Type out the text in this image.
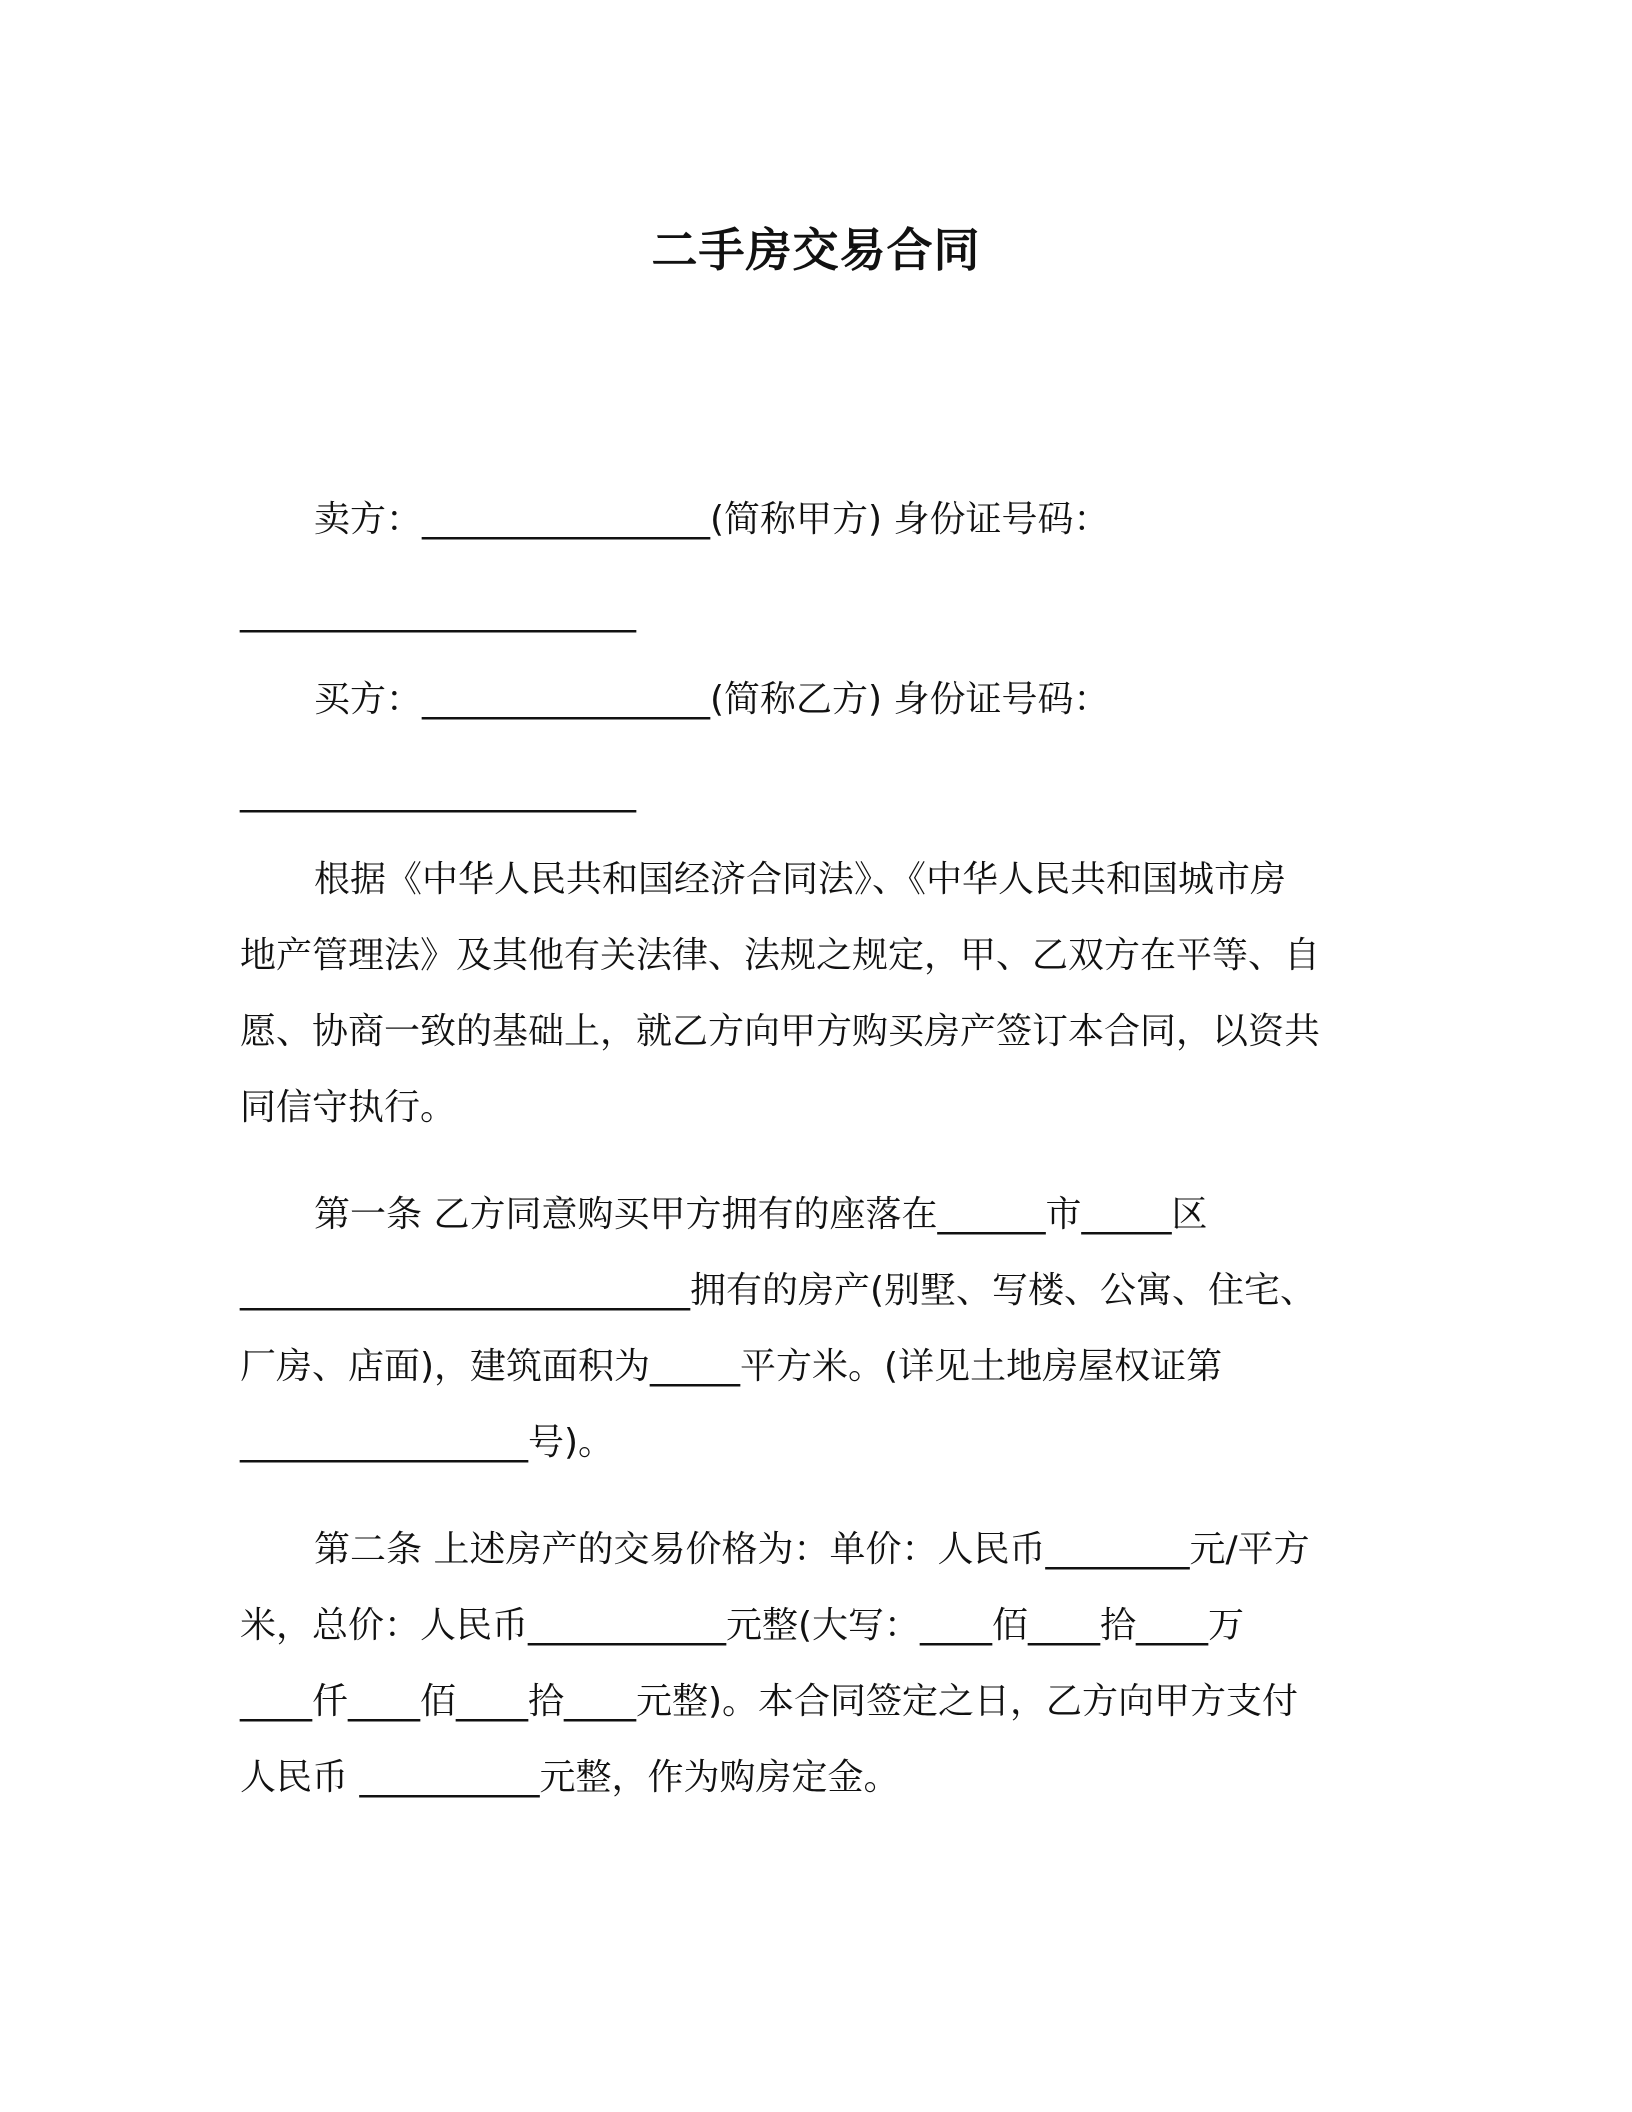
二手房交易合同
卖方：________________(简称甲方) 身份证号码：
______________________
买方：________________(简称乙方) 身份证号码：
______________________
根据《中华人民共和国经济合同法》、《中华人民共和国城市房
地产管理法》及其他有关法律、法规之规定，甲、乙双方在平等、自
愿、协商一致的基础上，就乙方向甲方购买房产签订本合同，以资共
同信守执行。
第一条 乙方同意购买甲方拥有的座落在______市_____区
_________________________拥有的房产(别墅、写楼、公寓、住宅、
厂房、店面)，建筑面积为_____平方米。(详见土地房屋权证第
________________号)。
第二条 上述房产的交易价格为：单价：人民币________元/平方
米，总价：人民币___________元整(大写：____佰____拾____万
____仟____佰____拾____元整)。本合同签定之日，乙方向甲方支付
人民币 __________元整，作为购房定金。
